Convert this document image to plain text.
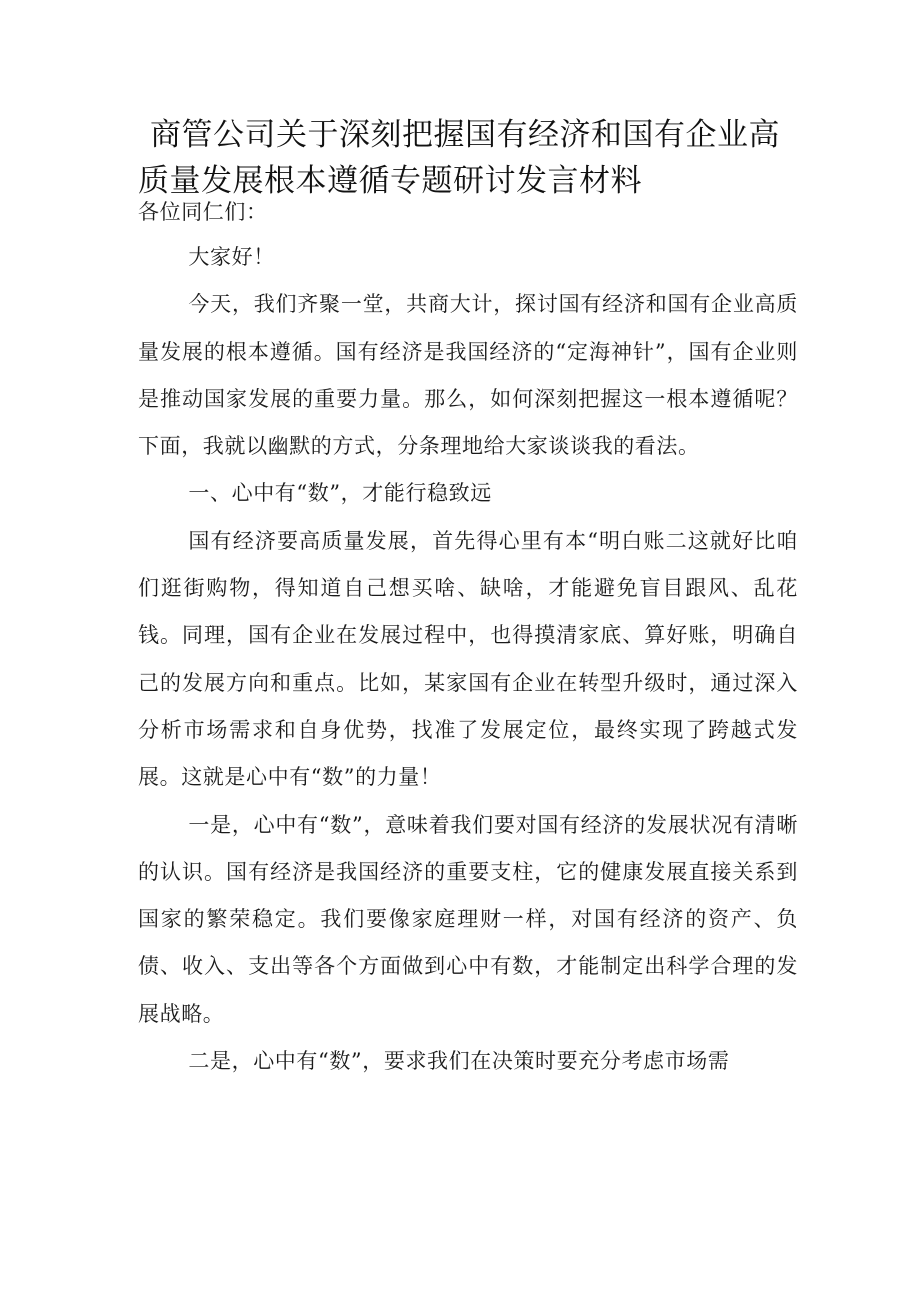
商管公司关于深刻把握国有经济和国有企业高
质量发展根本遵循专题研讨发言材料

各位同仁们：

大家好！

今天，我们齐聚一堂，共商大计，探讨国有经济和国有企业高质量发展的根本遵循。国有经济是我国经济的“定海神针”，国有企业则是推动国家发展的重要力量。那么，如何深刻把握这一根本遵循呢？下面，我就以幽默的方式，分条理地给大家谈谈我的看法。

一、心中有“数”，才能行稳致远

国有经济要高质量发展，首先得心里有本“明白账二这就好比咱们逛街购物，得知道自己想买啥、缺啥，才能避免盲目跟风、乱花钱。同理，国有企业在发展过程中，也得摸清家底、算好账，明确自己的发展方向和重点。比如，某家国有企业在转型升级时，通过深入分析市场需求和自身优势，找准了发展定位，最终实现了跨越式发展。这就是心中有“数”的力量！

一是，心中有“数”，意味着我们要对国有经济的发展状况有清晰的认识。国有经济是我国经济的重要支柱，它的健康发展直接关系到国家的繁荣稳定。我们要像家庭理财一样，对国有经济的资产、负债、收入、支出等各个方面做到心中有数，才能制定出科学合理的发展战略。

二是，心中有“数”，要求我们在决策时要充分考虑市场需
